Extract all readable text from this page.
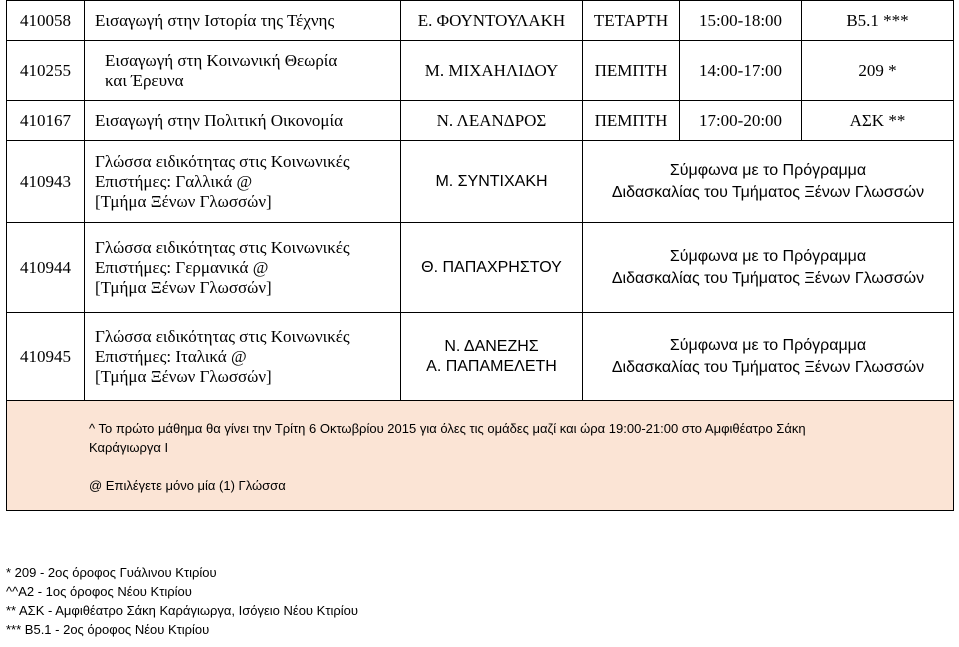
410058	Εισαγωγή στην Ιστορία της Τέχνης	Ε. ΦΟΥΝΤΟΥΛΑΚΗ	ΤΕΤΑΡΤΗ	15:00-18:00	Β5.1 ***
410255	Εισαγωγή στη Κοινωνική Θεωρία
και Έρευνα	Μ. ΜΙΧΑΗΛΙΔΟΥ	ΠΕΜΠΤΗ	14:00-17:00	209 *
410167	Εισαγωγή στην Πολιτική Οικονομία	Ν. ΛΕΑΝΔΡΟΣ	ΠΕΜΠΤΗ	17:00-20:00	ΑΣΚ **
410943	Γλώσσα ειδικότητας στις Κοινωνικές
Επιστήμες: Γαλλικά @
[Τμήμα Ξένων Γλωσσών]	Μ. ΣΥΝΤΙΧΑΚΗ	Σύμφωνα με το Πρόγραμμα
Διδασκαλίας του Τμήματος Ξένων Γλωσσών		

410944	Γλώσσα ειδικότητας στις Κοινωνικές
Επιστήμες: Γερμανικά @
[Τμήμα Ξένων Γλωσσών]	Θ. ΠΑΠΑΧΡΗΣΤΟΥ	Σύμφωνα με το Πρόγραμμα
Διδασκαλίας του Τμήματος Ξένων Γλωσσών		

410945	Γλώσσα ειδικότητας στις Κοινωνικές
Επιστήμες: Ιταλικά @
[Τμήμα Ξένων Γλωσσών]	Ν. ΔΑΝΕΖΗΣ
Α. ΠΑΠΑΜΕΛΕΤΗ	Σύμφωνα με το Πρόγραμμα
Διδασκαλίας του Τμήματος Ξένων Γλωσσών		

^ Το πρώτο μάθημα θα γίνει την Τρίτη 6 Οκτωβρίου 2015 για όλες τις ομάδες μαζί και ώρα 19:00-21:00 στο Αμφιθέατρο Σάκη
Καράγιωργα Ι
@ Επιλέγετε μόνο μία (1) Γλώσσα					
* 209 - 2ος όροφος Γυάλινου Κτιρίου
^^Α2 - 1ος όροφος Νέου Κτιρίου
** ΑΣΚ - Αμφιθέατρο Σάκη Καράγιωργα, Ισόγειο Νέου Κτιρίου
*** Β5.1 - 2ος όροφος Νέου Κτιρίου
